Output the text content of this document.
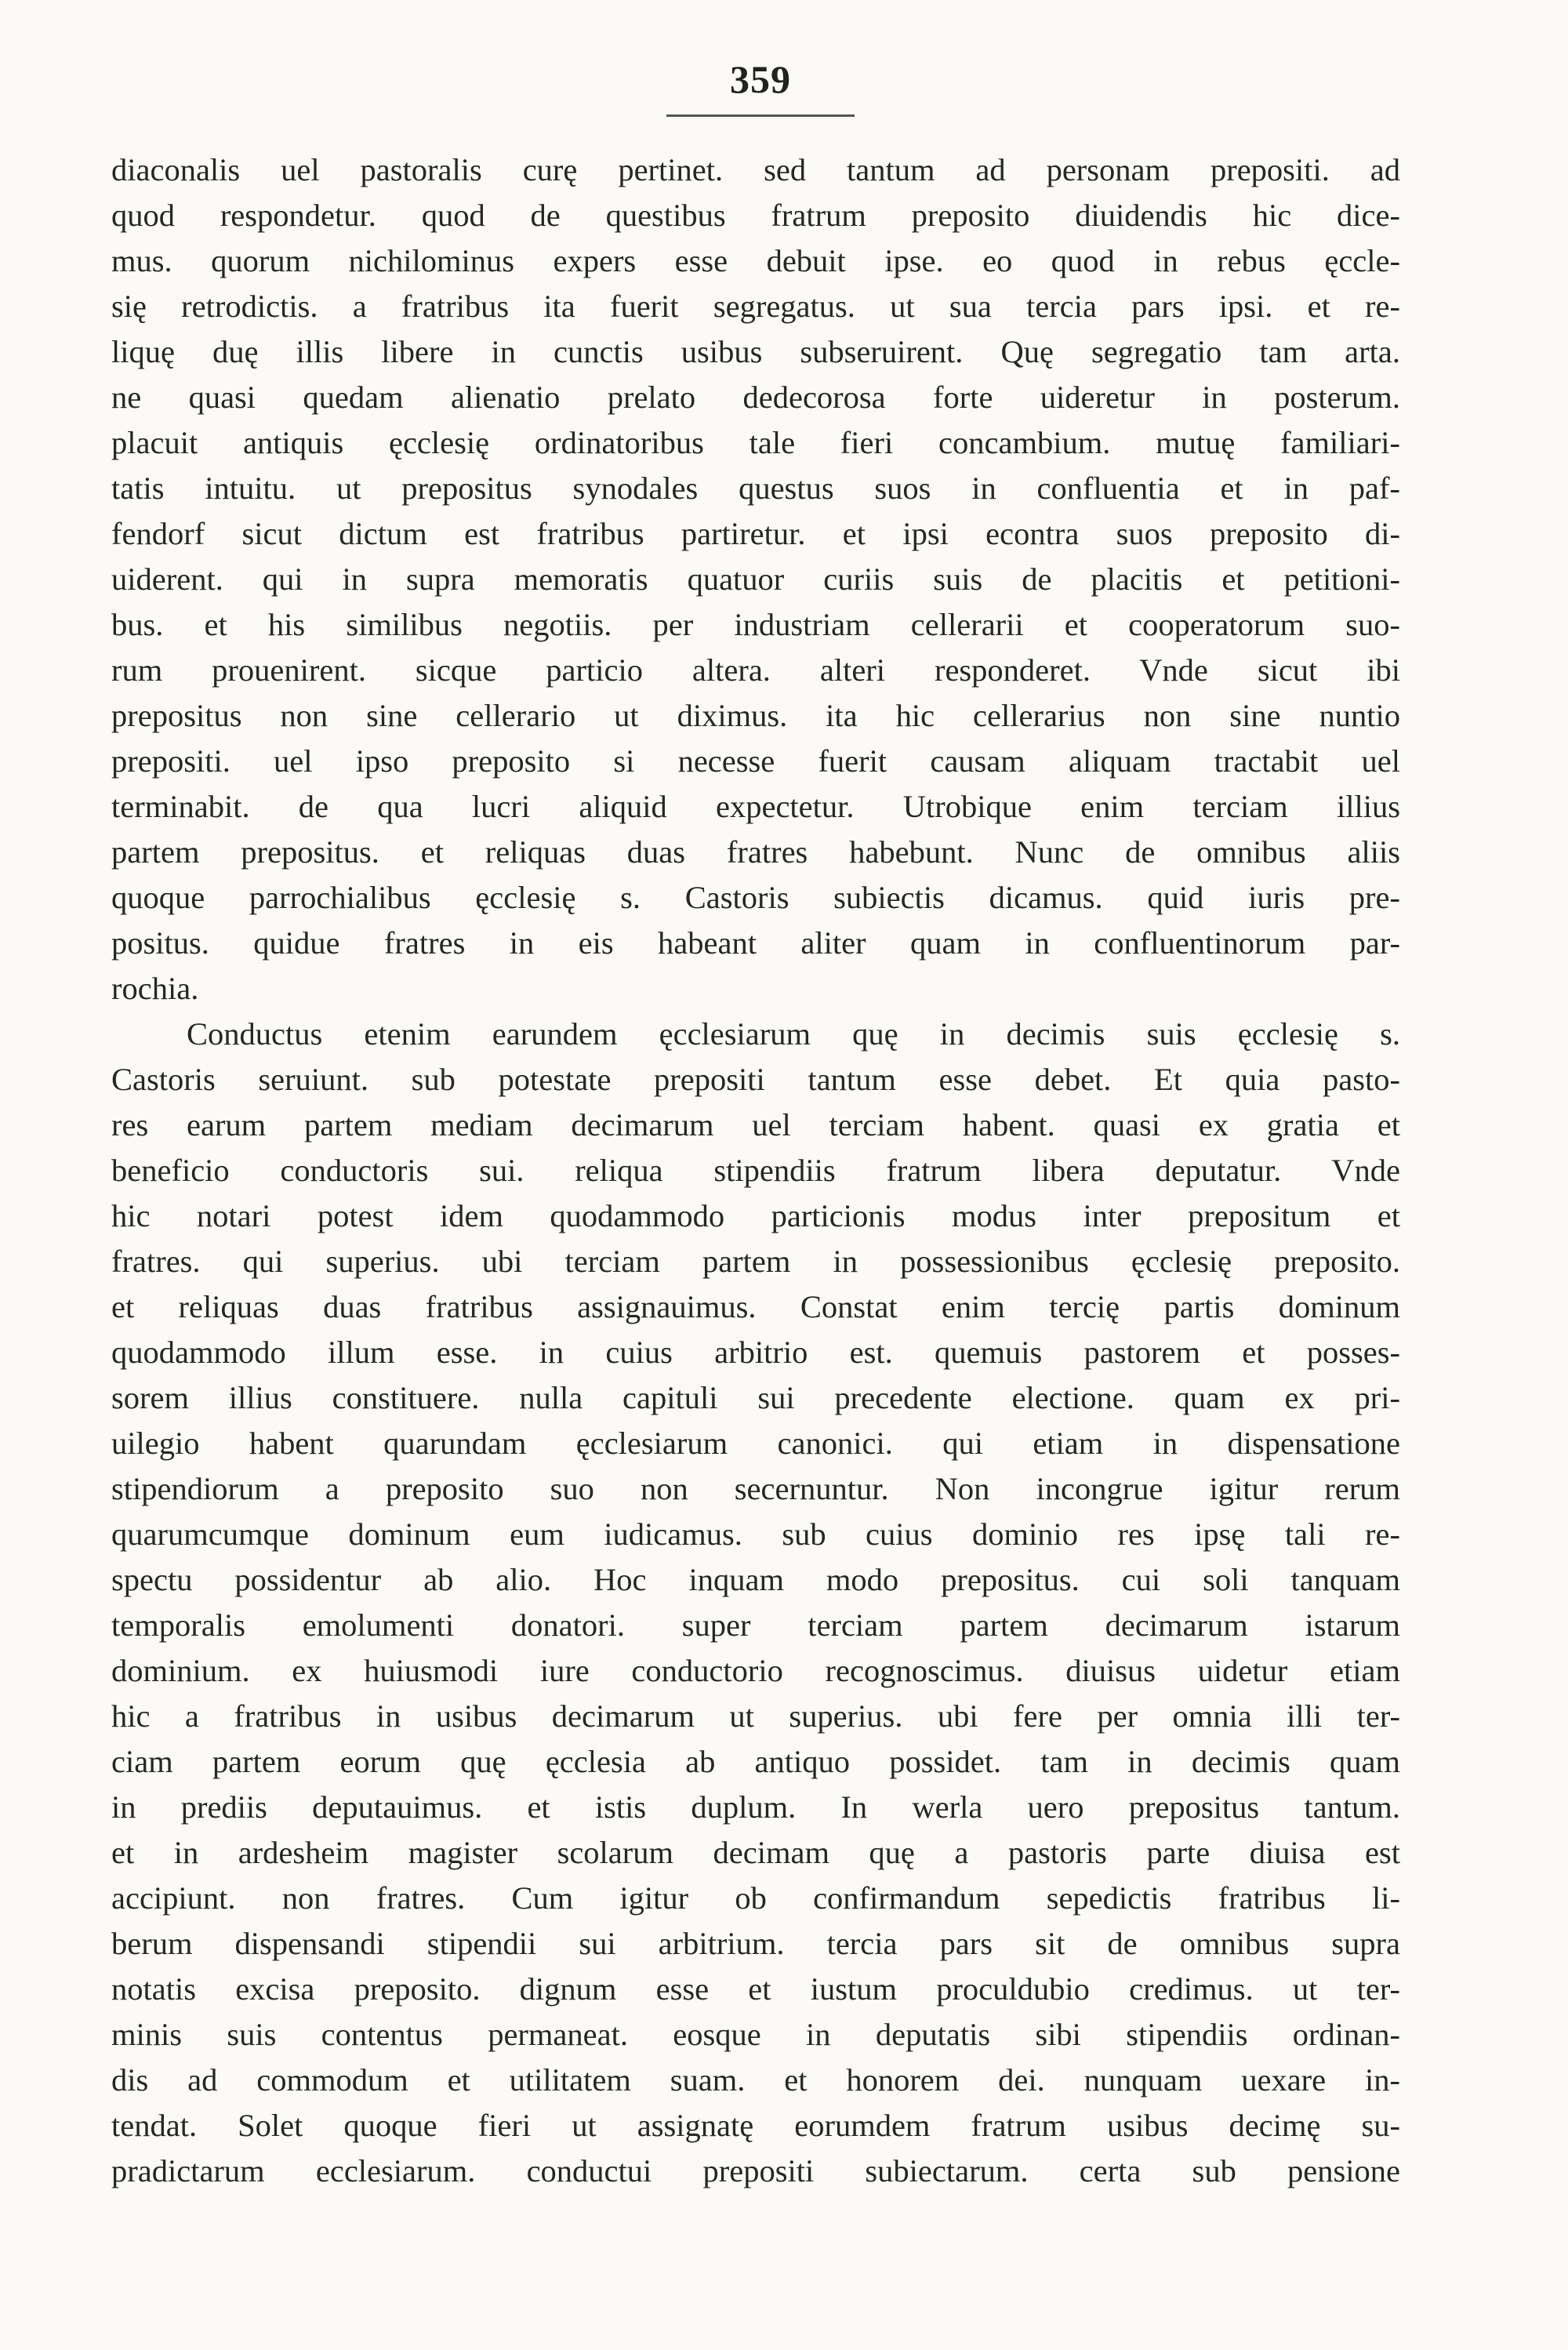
359
diaconalis uel pastoralis curę pertinet. sed tantum ad personam prepositi. ad
quod respondetur. quod de questibus fratrum preposito diuidendis hic dice-
mus. quorum nichilominus expers esse debuit ipse. eo quod in rebus ęccle-
się retrodictis. a fratribus ita fuerit segregatus. ut sua tercia pars ipsi. et re-
liquę duę illis libere in cunctis usibus subseruirent. Quę segregatio tam arta.
ne quasi quedam alienatio prelato dedecorosa forte uideretur in posterum.
placuit antiquis ęcclesię ordinatoribus tale fieri concambium. mutuę familiari-
tatis intuitu. ut prepositus synodales questus suos in confluentia et in paf-
fendorf sicut dictum est fratribus partiretur. et ipsi econtra suos preposito di-
uiderent. qui in supra memoratis quatuor curiis suis de placitis et petitioni-
bus. et his similibus negotiis. per industriam cellerarii et cooperatorum suo-
rum prouenirent. sicque particio altera. alteri responderet. Vnde sicut ibi
prepositus non sine cellerario ut diximus. ita hic cellerarius non sine nuntio
prepositi. uel ipso preposito si necesse fuerit causam aliquam tractabit uel
terminabit. de qua lucri aliquid expectetur. Utrobique enim terciam illius
partem prepositus. et reliquas duas fratres habebunt. Nunc de omnibus aliis
quoque parrochialibus ęcclesię s. Castoris subiectis dicamus. quid iuris pre-
positus. quidue fratres in eis habeant aliter quam in confluentinorum par-
rochia.
Conductus etenim earundem ęcclesiarum quę in decimis suis ęcclesię s.
Castoris seruiunt. sub potestate prepositi tantum esse debet. Et quia pasto-
res earum partem mediam decimarum uel terciam habent. quasi ex gratia et
beneficio conductoris sui. reliqua stipendiis fratrum libera deputatur. Vnde
hic notari potest idem quodammodo particionis modus inter prepositum et
fratres. qui superius. ubi terciam partem in possessionibus ęcclesię preposito.
et reliquas duas fratribus assignauimus. Constat enim tercię partis dominum
quodammodo illum esse. in cuius arbitrio est. quemuis pastorem et posses-
sorem illius constituere. nulla capituli sui precedente electione. quam ex pri-
uilegio habent quarundam ęcclesiarum canonici. qui etiam in dispensatione
stipendiorum a preposito suo non secernuntur. Non incongrue igitur rerum
quarumcumque dominum eum iudicamus. sub cuius dominio res ipsę tali re-
spectu possidentur ab alio. Hoc inquam modo prepositus. cui soli tanquam
temporalis emolumenti donatori. super terciam partem decimarum istarum
dominium. ex huiusmodi iure conductorio recognoscimus. diuisus uidetur etiam
hic a fratribus in usibus decimarum ut superius. ubi fere per omnia illi ter-
ciam partem eorum quę ęcclesia ab antiquo possidet. tam in decimis quam
in prediis deputauimus. et istis duplum. In werla uero prepositus tantum.
et in ardesheim magister scolarum decimam quę a pastoris parte diuisa est
accipiunt. non fratres. Cum igitur ob confirmandum sepedictis fratribus li-
berum dispensandi stipendii sui arbitrium. tercia pars sit de omnibus supra
notatis excisa preposito. dignum esse et iustum proculdubio credimus. ut ter-
minis suis contentus permaneat. eosque in deputatis sibi stipendiis ordinan-
dis ad commodum et utilitatem suam. et honorem dei. nunquam uexare in-
tendat. Solet quoque fieri ut assignatę eorumdem fratrum usibus decimę su-
pradictarum ecclesiarum. conductui prepositi subiectarum. certa sub pensione
